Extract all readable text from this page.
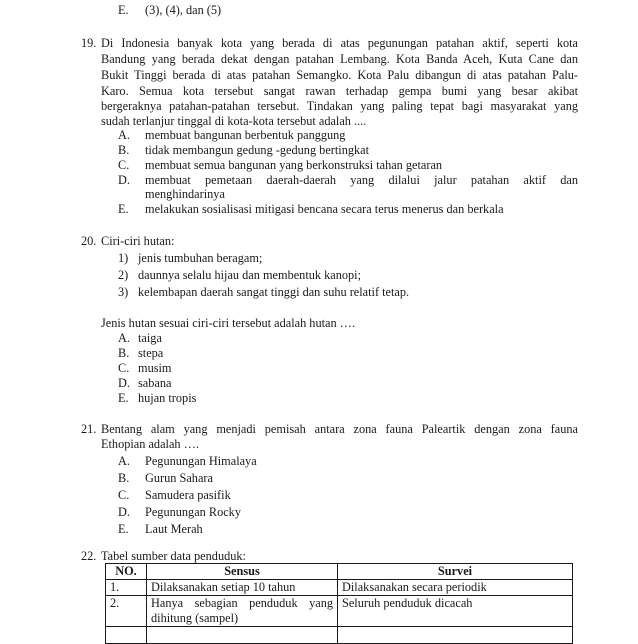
E. (3), (4), dan (5)
19. Di Indonesia banyak kota yang berada di atas pegunungan patahan aktif, seperti kota
Bandung yang berada dekat dengan patahan Lembang. Kota Banda Aceh, Kuta Cane dan
Bukit Tinggi berada di atas patahan Semangko. Kota Palu dibangun di atas patahan Palu-
Karo. Semua kota tersebut sangat rawan terhadap gempa bumi yang besar akibat
bergeraknya patahan-patahan tersebut. Tindakan yang paling tepat bagi masyarakat yang
sudah terlanjur tinggal di kota-kota tersebut adalah ....
A. membuat bangunan berbentuk panggung
B. tidak membangun gedung -gedung bertingkat
C. membuat semua bangunan yang berkonstruksi tahan getaran
D. membuat pemetaan daerah-daerah yang dilalui jalur patahan aktif dan
menghindarinya
E. melakukan sosialisasi mitigasi bencana secara terus menerus dan berkala
20. Ciri-ciri hutan:
1) jenis tumbuhan beragam;
2) daunnya selalu hijau dan membentuk kanopi;
3) kelembapan daerah sangat tinggi dan suhu relatif tetap.
Jenis hutan sesuai ciri-ciri tersebut adalah hutan ….
A. taiga
B. stepa
C. musim
D. sabana
E. hujan tropis
21. Bentang alam yang menjadi pemisah antara zona fauna Paleartik dengan zona fauna
Ethopian adalah ….
A. Pegunungan Himalaya
B. Gurun Sahara
C. Samudera pasifik
D. Pegunungan Rocky
E. Laut Merah
22. Tabel sumber data penduduk:
NO.	Sensus	Survei
1.	Dilaksanakan setiap 10 tahun	Dilaksanakan secara periodik
2.	Hanya sebagian penduduk yang
dihitung (sampel)	Seluruh penduduk dicacah
